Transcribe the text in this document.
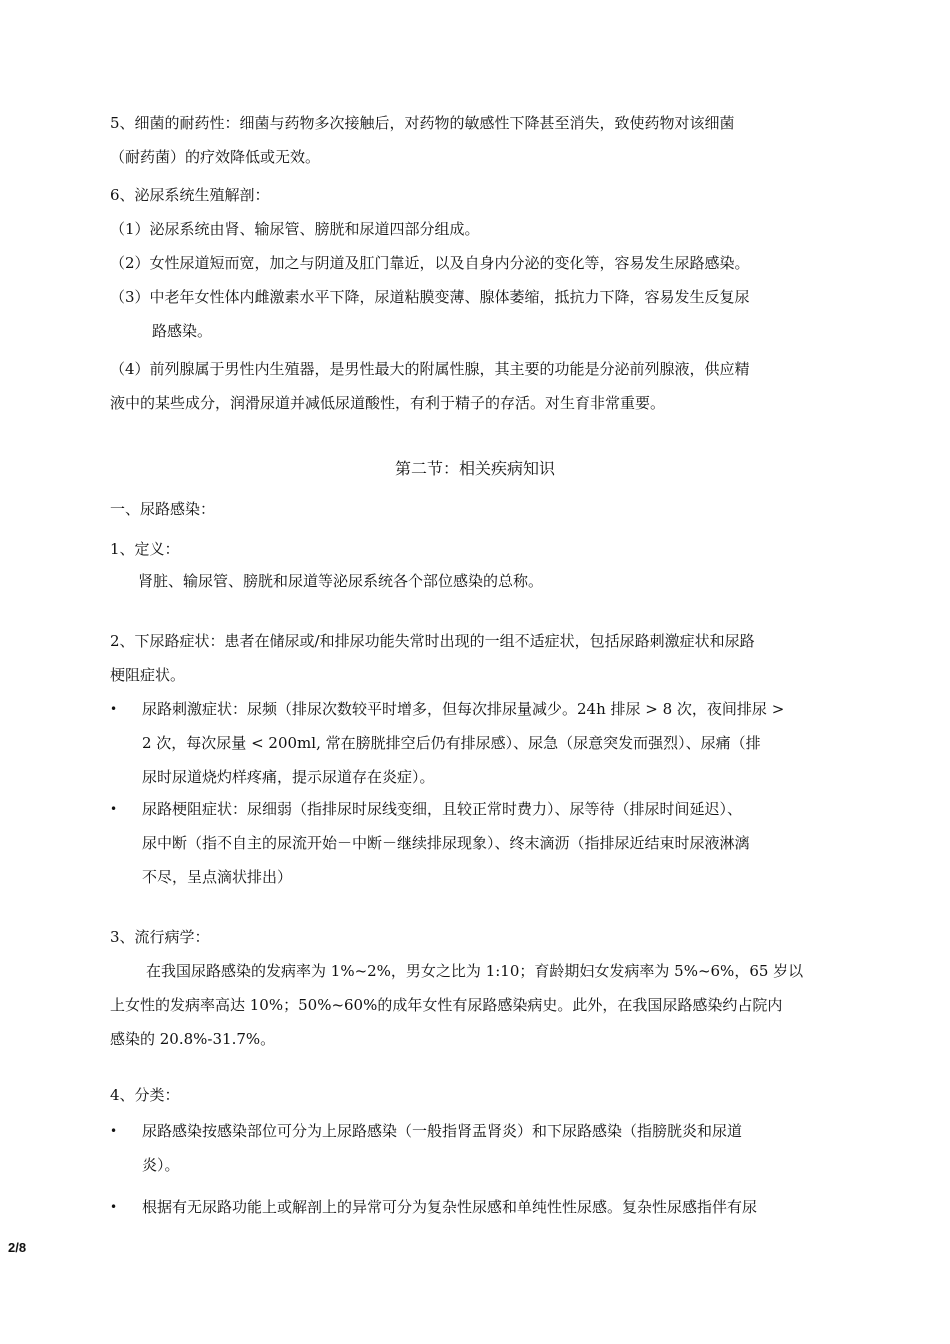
5、细菌的耐药性：细菌与药物多次接触后，对药物的敏感性下降甚至消失，致使药物对该细菌
（耐药菌）的疗效降低或无效。

6、泌尿系统生殖解剖：

（1）泌尿系统由肾、输尿管、膀胱和尿道四部分组成。

（2）女性尿道短而宽，加之与阴道及肛门靠近，以及自身内分泌的变化等，容易发生尿路感染。

（3）中老年女性体内雌激素水平下降，尿道粘膜变薄、腺体萎缩，抵抗力下降，容易发生反复尿
路感染。

（4）前列腺属于男性内生殖器，是男性最大的附属性腺，其主要的功能是分泌前列腺液，供应精
液中的某些成分，润滑尿道并减低尿道酸性，有利于精子的存活。对生育非常重要。

第二节：相关疾病知识

一、尿路感染：

1、定义：

肾脏、输尿管、膀胱和尿道等泌尿系统各个部位感染的总称。

2、下尿路症状：患者在储尿或/和排尿功能失常时出现的一组不适症状，包括尿路刺激症状和尿路
梗阻症状。

• 尿路刺激症状：尿频（排尿次数较平时增多，但每次排尿量减少。24h 排尿 > 8 次，夜间排尿 >
2 次，每次尿量 < 200ml, 常在膀胱排空后仍有排尿感）、尿急（尿意突发而强烈）、尿痛（排
尿时尿道烧灼样疼痛，提示尿道存在炎症）。
• 尿路梗阻症状：尿细弱（指排尿时尿线变细，且较正常时费力）、尿等待（排尿时间延迟）、
尿中断（指不自主的尿流开始－中断－继续排尿现象）、终末滴沥（指排尿近结束时尿液淋漓
不尽，呈点滴状排出）

3、流行病学：

在我国尿路感染的发病率为 1%~2%，男女之比为 1:10；育龄期妇女发病率为 5%~6%，65 岁以
上女性的发病率高达 10%；50%~60%的成年女性有尿路感染病史。此外，在我国尿路感染约占院内
感染的 20.8%-31.7%。

4、分类：

• 尿路感染按感染部位可分为上尿路感染（一般指肾盂肾炎）和下尿路感染（指膀胱炎和尿道
炎）。
• 根据有无尿路功能上或解剖上的异常可分为复杂性尿感和单纯性性尿感。复杂性尿感指伴有尿
2/8
